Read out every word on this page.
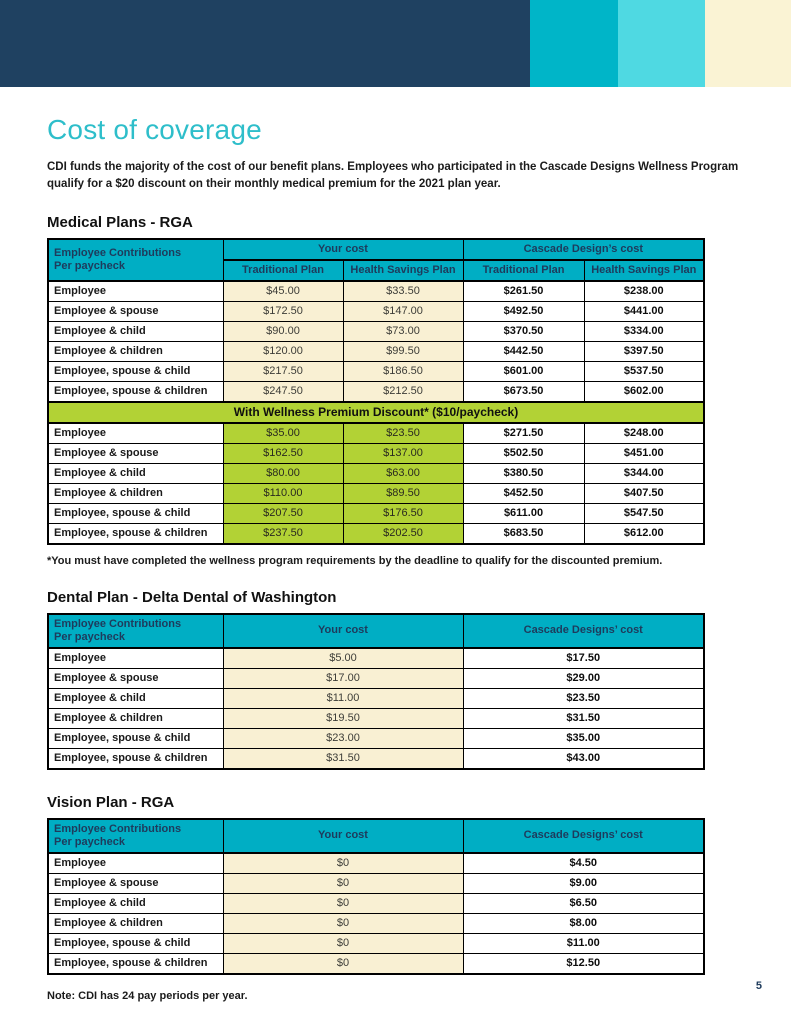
Cost of coverage

CDI funds the majority of the cost of our benefit plans. Employees who participated in the Cascade Designs Wellness Program qualify for a $20 discount on their monthly medical premium for the 2021 plan year.

Medical Plans - RGA
Employee Contributions
Per paycheck	Your cost		Cascade Design’s cost	
	Traditional Plan	Health Savings Plan	Traditional Plan	Health Savings Plan
Employee	$45.00	$33.50	$261.50	$238.00
Employee & spouse	$172.50	$147.00	$492.50	$441.00
Employee & child	$90.00	$73.00	$370.50	$334.00
Employee & children	$120.00	$99.50	$442.50	$397.50
Employee, spouse & child	$217.50	$186.50	$601.00	$537.50
Employee, spouse & children	$247.50	$212.50	$673.50	$602.00
With Wellness Premium Discount* ($10/paycheck)				
Employee	$35.00	$23.50	$271.50	$248.00
Employee & spouse	$162.50	$137.00	$502.50	$451.00
Employee & child	$80.00	$63.00	$380.50	$344.00
Employee & children	$110.00	$89.50	$452.50	$407.50
Employee, spouse & child	$207.50	$176.50	$611.00	$547.50
Employee, spouse & children	$237.50	$202.50	$683.50	$612.00

*You must have completed the wellness program requirements by the deadline to qualify for the discounted premium.

Dental Plan - Delta Dental of Washington
Employee Contributions
Per paycheck	Your cost	Cascade Designs’ cost
Employee	$5.00	$17.50
Employee & spouse	$17.00	$29.00
Employee & child	$11.00	$23.50
Employee & children	$19.50	$31.50
Employee, spouse & child	$23.00	$35.00
Employee, spouse & children	$31.50	$43.00
Vision Plan - RGA
Employee Contributions
Per paycheck	Your cost	Cascade Designs’ cost
Employee	$0	$4.50
Employee & spouse	$0	$9.00
Employee & child	$0	$6.50
Employee & children	$0	$8.00
Employee, spouse & child	$0	$11.00
Employee, spouse & children	$0	$12.50

Note: CDI has 24 pay periods per year.

5
